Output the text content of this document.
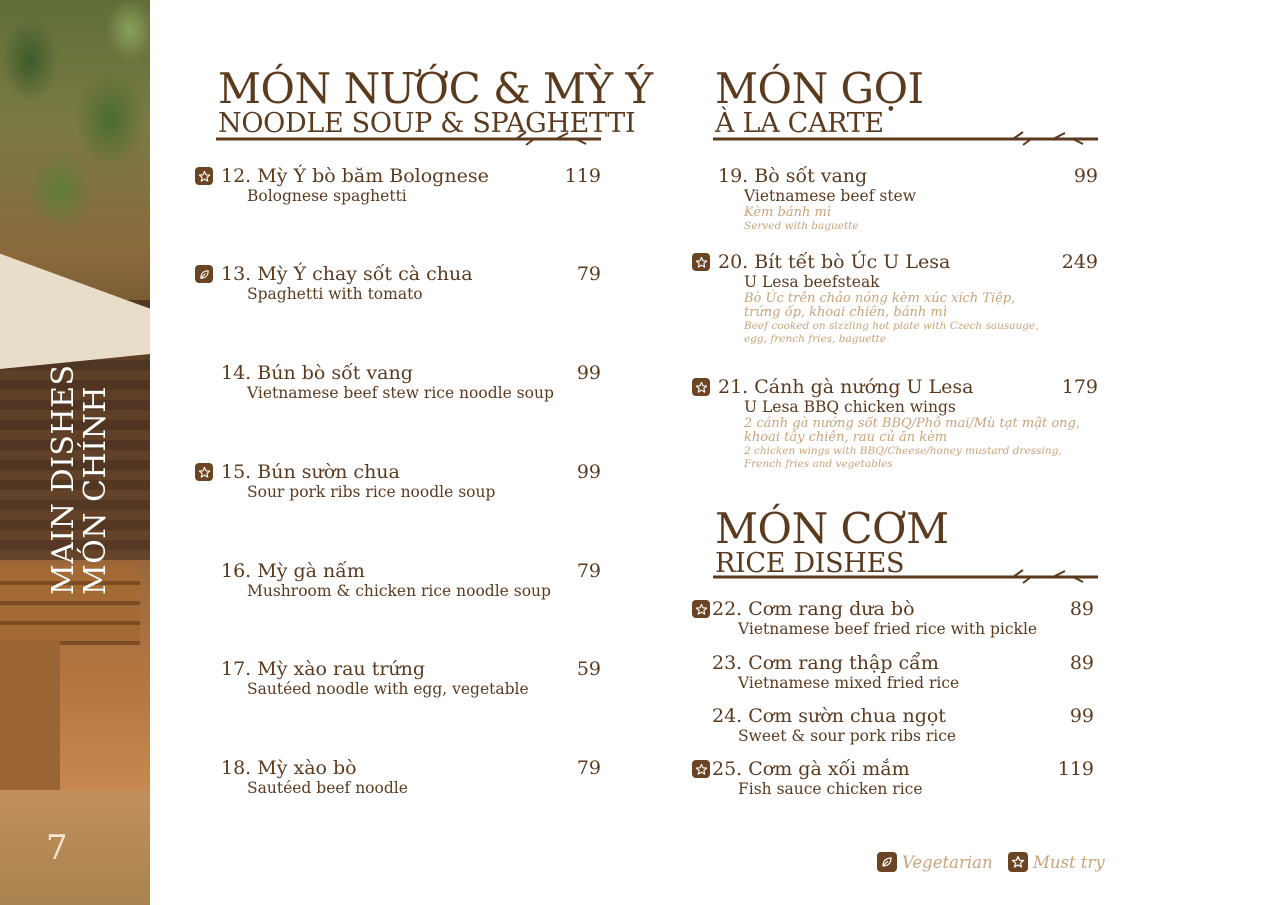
MAIN DISHES
MÓN CHÍNH
7
MÓN NƯỚC & MỲ Ý
NOODLE SOUP & SPAGHETTI
12. Mỳ Ý bò băm Bolognese
Bolognese spaghetti
119
13. Mỳ Ý chay sốt cà chua
Spaghetti with tomato
79
14. Bún bò sốt vang
Vietnamese beef stew rice noodle soup
99
15. Bún sườn chua
Sour pork ribs rice noodle soup
99
16. Mỳ gà nấm
Mushroom & chicken rice noodle soup
79
17. Mỳ xào rau trứng
Sautéed noodle with egg, vegetable
59
18. Mỳ xào bò
Sautéed beef noodle
79
MÓN GỌI
À LA CARTE
19. Bò sốt vang
Vietnamese beef stew
Kèm bánh mì
Served with baguette
99
20. Bít tết bò Úc U Lesa
U Lesa beefsteak
Bò Úc trên chảo nóng kèm xúc xích Tiệp,
trứng ốp, khoai chiên, bánh mì
Beef cooked on sizzling hot plate with Czech sausauge,
egg, french fries, baguette
249
21. Cánh gà nướng U Lesa
U Lesa BBQ chicken wings
2 cánh gà nướng sốt BBQ/Phô mai/Mù tạt mật ong,
khoai tây chiên, rau củ ăn kèm
2 chicken wings with BBQ/Cheese/honey mustard dressing,
French fries and vegetables
179
MÓN CƠM
RICE DISHES
22. Cơm rang dưa bò
Vietnamese beef fried rice with pickle
89
23. Cơm rang thập cẩm
Vietnamese mixed fried rice
89
24. Cơm sườn chua ngọt
Sweet & sour pork ribs rice
99
25. Cơm gà xối mắm
Fish sauce chicken rice
119
Vegetarian Must try
